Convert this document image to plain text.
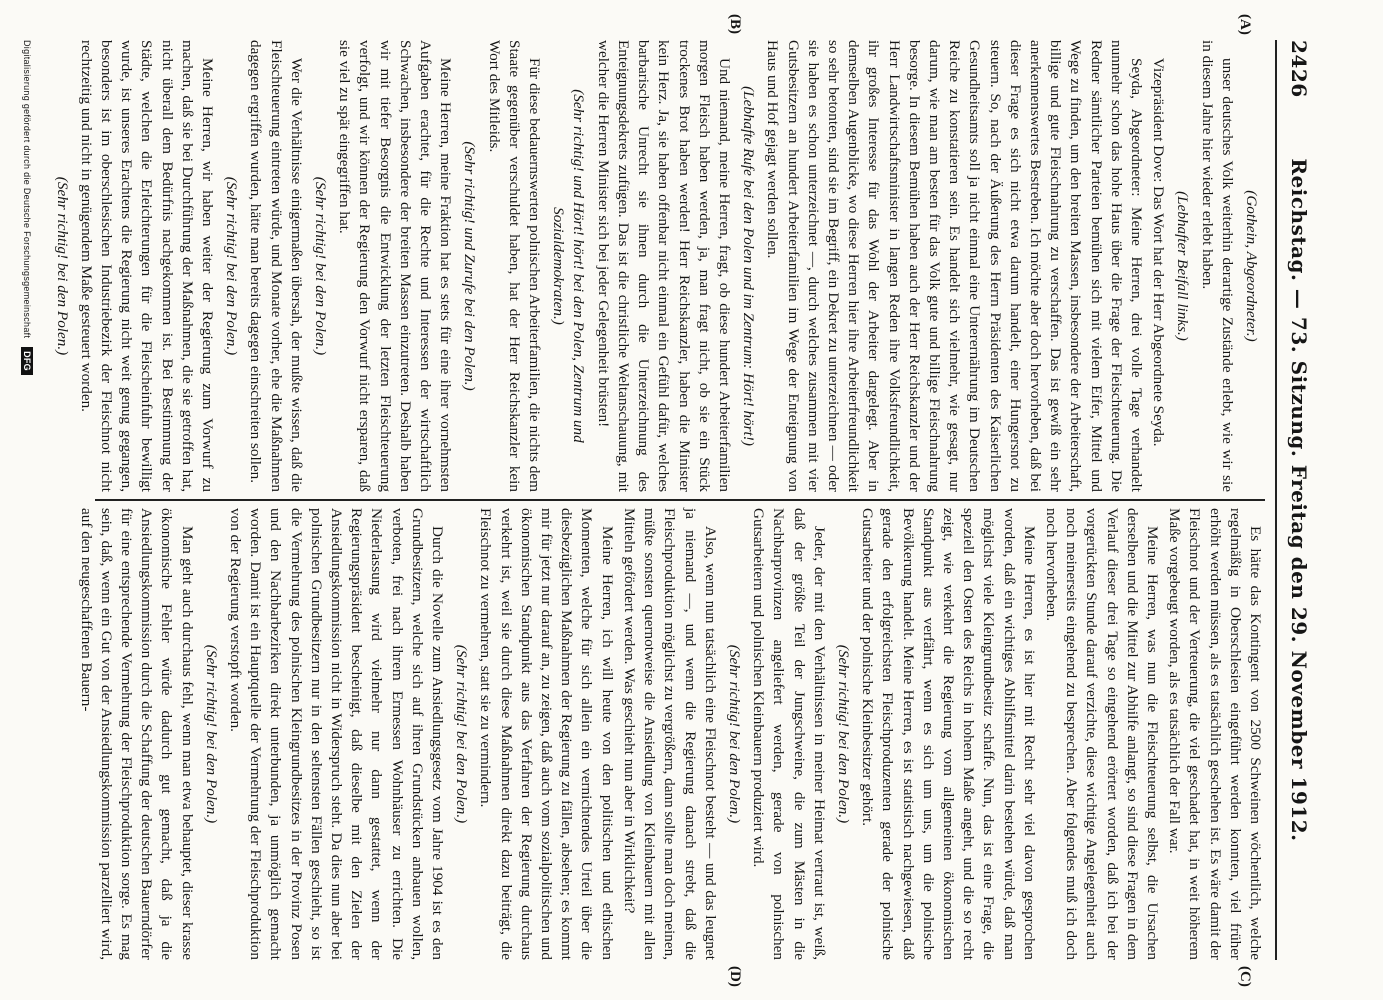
2426
Reichstag. — 73. Sitzung. Freitag den 29. November 1912.

(Gothein, Abgeordneter.)

unser deutsches Volk weiterhin derartige Zustände erlebt, wie wir sie in diesem Jahre hier wieder erlebt haben.

(Lebhafter Beifall links.)

Vizepräsident Dove: Das Wort hat der Herr Abgeordnete Seyda.

Seyda, Abgeordneter: Meine Herren, drei volle Tage verhandelt nunmehr schon das hohe Haus über die Frage der Fleischteuerung. Die Redner sämtlicher Parteien bemühen sich mit vielem Eifer, Mittel und Wege zu finden, um den breiten Massen, insbesondere der Arbeiterschaft, billige und gute Fleischnahrung zu verschaffen. Das ist gewiß ein sehr anerkennenswertes Bestreben. Ich möchte aber doch hervorheben, daß bei dieser Frage es sich nicht etwa darum handelt, einer Hungersnot zu steuern. So, nach der Äußerung des Herrn Präsidenten des Kaiserlichen Gesundheitsamts soll ja nicht einmal eine Unterernährung im Deutschen Reiche zu konstatieren sein. Es handelt sich vielmehr, wie gesagt, nur darum, wie man am besten für das Volk gute und billige Fleischnahrung besorge. In diesem Bemühen haben auch der Herr Reichskanzler und der Herr Landwirtschaftsminister in langen Reden ihre Volksfreundlichkeit, ihr großes Interesse für das Wohl der Arbeiter dargelegt. Aber in demselben Augenblicke, wo diese Herren hier ihre Arbeiterfreundlichkeit so sehr betonten, sind sie im Begriff, ein Dekret zu unterzeichnen — oder sie haben es schon unterzeichnet —, durch welches zusammen mit vier Gutsbesitzern an hundert Arbeiterfamilien im Wege der Enteignung von Haus und Hof gejagt werden sollen.

(Lebhafte Rufe bei den Polen und im Zentrum: Hört! hört!)

Und niemand, meine Herren, fragt, ob diese hundert Arbeiterfamilien morgen Fleisch haben werden, ja, man fragt nicht, ob sie ein Stück trockenes Brot haben werden! Herr Reichskanzler, haben die Minister kein Herz. Ja, sie haben offenbar nicht einmal ein Gefühl dafür, welches barbarische Unrecht sie ihnen durch die Unterzeichnung des Enteignungsdekrets zufügen. Das ist die christliche Weltanschauung, mit welcher die Herren Minister sich bei jeder Gelegenheit brüsten!

(Sehr richtig! und Hört! hört! bei den Polen, Zentrum und Sozialdemokraten.)

Für diese bedauernswerten polnischen Arbeiterfamilien, die nichts dem Staate gegenüber verschuldet haben, hat der Herr Reichskanzler kein Wort des Mitleids.

(Sehr richtig! und Zurufe bei den Polen.)

Meine Herren, meine Fraktion hat es stets für eine ihrer vornehmsten Aufgaben erachtet, für die Rechte und Interessen der wirtschaftlich Schwachen, insbesondere der breiten Massen einzutreten. Deshalb haben wir mit tiefer Besorgnis die Entwicklung der letzten Fleischteuerung verfolgt, und wir können der Regierung den Vorwurf nicht ersparen, daß sie viel zu spät eingegriffen hat.

(Sehr richtig! bei den Polen.)

Wer die Verhältnisse einigermaßen übersah, der mußte wissen, daß die Fleischteuerung eintreten würde, und Monate vorher, ehe die Maßnahmen dagegen ergriffen wurden, hätte man bereits dagegen einschreiten sollen.

(Sehr richtig! bei den Polen.)

Meine Herren, wir haben weiter der Regierung zum Vorwurf zu machen, daß sie bei Durchführung der Maßnahmen, die sie getroffen hat, nicht überall dem Bedürfnis nachgekommen ist. Bei Bestimmung der Städte, welchen die Erleichterungen für die Fleischeinfuhr bewilligt wurde, ist unseres Erachtens die Regierung nicht weit genug gegangen, besonders ist im oberschlesischen Industriebezirk der Fleischnot nicht rechtzeitig und nicht in genügendem Maße gesteuert worden.

(Sehr richtig! bei den Polen.)

Es hätte das Kontingent von 2500 Schweinen wöchentlich, welche regelmäßig in Oberschlesien eingeführt werden konnten, viel früher erhöht werden müssen, als es tatsächlich geschehen ist. Es wäre damit der Fleischnot und der Verteuerung, die viel geschadet hat, in weit höherem Maße vorgebeugt worden, als es tatsächlich der Fall war.

Meine Herren, was nun die Fleischteuerung selbst, die Ursachen derselben und die Mittel zur Abhilfe anlangt, so sind diese Fragen in dem Verlauf dieser drei Tage so eingehend erörtert worden, daß ich bei der vorgerückten Stunde darauf verzichte, diese wichtige Angelegenheit auch noch meinerseits eingehend zu besprechen. Aber folgendes muß ich doch noch hervorheben.

Meine Herren, es ist hier mit Recht sehr viel davon gesprochen worden, daß ein wichtiges Abhilfsmittel darin bestehen würde, daß man möglichst viele Kleingrundbesitz schaffe. Nun, das ist eine Frage, die speziell den Osten des Reichs in hohem Maße angeht, und die so recht zeigt, wie verkehrt die Regierung vom allgemeinen ökonomischen Standpunkt aus verfährt, wenn es sich um uns, um die polnische Bevölkerung handelt. Meine Herren, es ist statistisch nachgewiesen, daß gerade den erfolgreichsten Fleischproduzenten gerade der polnische Gutsarbeiter und der polnische Kleinbesitzer gehört.

(Sehr richtig! bei den Polen.)

Jeder, der mit den Verhältnissen in meiner Heimat vertraut ist, weiß, daß der größte Teil der Jungschweine, die zum Mästen in die Nachbarprovinzen angeliefert werden, gerade von polnischen Gutsarbeitern und polnischen Kleinbauern produziert wird.

(Sehr richtig! bei den Polen.)

Also, wenn nun tatsächlich eine Fleischnot besteht — und das leugnet ja niemand —, und wenn die Regierung danach strebt, daß die Fleischproduktion möglichst zu vergrößern, dann sollte man doch meinen, müßte sonsten quernotweise die Ansiedlung von Kleinbauern mit allen Mitteln gefördert werden. Was geschieht nun aber in Wirklichkeit?

Meine Herren, ich will heute von den politischen und ethischen Momenten, welche für sich allein ein vernichtendes Urteil über die diesbezüglichen Maßnahmen der Regierung zu fällen, absehen; es kommt mir für jetzt nur darauf an, zu zeigen, daß auch vom sozialpolitischen und ökonomischen Standpunkt aus das Verfahren der Regierung durchaus verkehrt ist, weil sie durch diese Maßnahmen direkt dazu beiträgt, die Fleischnot zu vermehren, statt sie zu vermindern.

(Sehr richtig! bei den Polen.)

Durch die Novelle zum Ansiedlungsgesetz vom Jahre 1904 ist es den Grundbesitzern, welche sich auf ihren Grundstücken anbauen wollen, verboten, frei nach ihrem Ermessen Wohnhäuser zu errichten. Die Niederlassung wird vielmehr nur dann gestattet, wenn der Regierungspräsident bescheinigt, daß dieselbe mit den Zielen der Ansiedlungskommission nicht in Widerspruch steht. Da dies nun aber bei polnischen Grundbesitzern nur in den seltensten Fällen geschieht, so ist die Vermehrung des polnischen Kleingrundbesitzes in der Provinz Posen und den Nachbarbezirken direkt unterbunden, ja unmöglich gemacht worden. Damit ist ein Hauptquelle der Vermehrung der Fleischproduktion von der Regierung verstopft worden.

(Sehr richtig! bei den Polen.)

Man geht auch durchaus fehl, wenn man etwa behauptet, dieser krasse ökonomische Fehler würde dadurch gut gemacht, daß ja die Ansiedlungskommission durch die Schaffung der deutschen Bauerndörfer für eine entsprechende Vermehrung der Fleischproduktion sorge. Es mag sein, daß, wenn ein Gut von der Ansiedlungskommission parzelliert wird, auf den neugeschaffenen Bauern-

(A)
(B)
(C)
(D)
Digitalisierung gefördert durch die Deutsche Forschungsgemeinschaft DFG
